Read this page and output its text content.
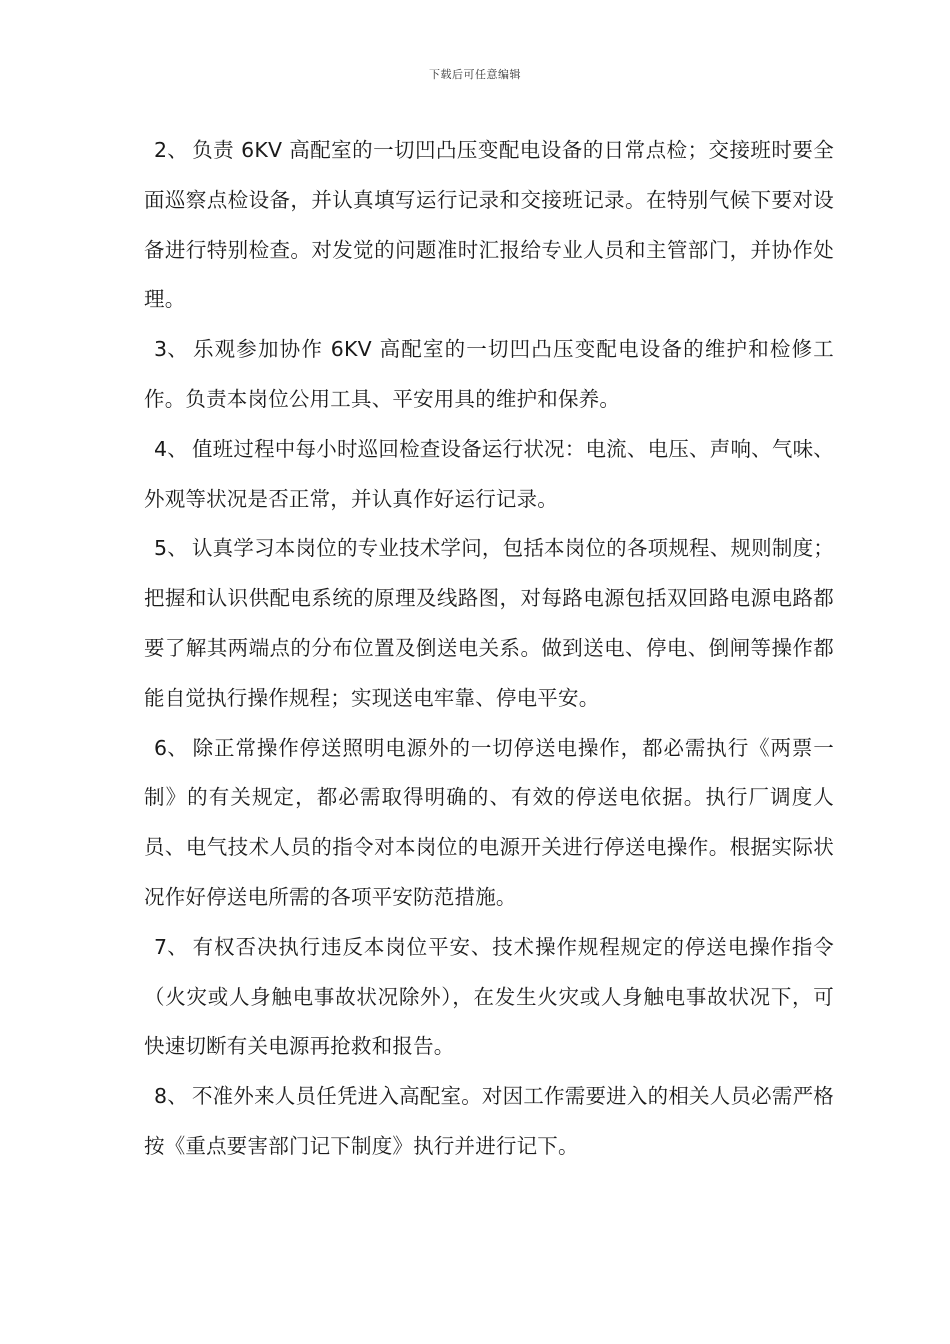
下载后可任意编辑

2、 负责 6KV 高配室的一切凹凸压变配电设备的日常点检；交接班时要全面巡察点检设备，并认真填写运行记录和交接班记录。在特别气候下要对设备进行特别检查。对发觉的问题准时汇报给专业人员和主管部门，并协作处理。

3、 乐观参加协作 6KV 高配室的一切凹凸压变配电设备的维护和检修工作。负责本岗位公用工具、平安用具的维护和保养。

4、 值班过程中每小时巡回检查设备运行状况：电流、电压、声响、气味、外观等状况是否正常，并认真作好运行记录。

5、 认真学习本岗位的专业技术学问，包括本岗位的各项规程、规则制度；把握和认识供配电系统的原理及线路图，对每路电源包括双回路电源电路都要了解其两端点的分布位置及倒送电关系。做到送电、停电、倒闸等操作都能自觉执行操作规程；实现送电牢靠、停电平安。

6、 除正常操作停送照明电源外的一切停送电操作，都必需执行《两票一制》的有关规定，都必需取得明确的、有效的停送电依据。执行厂调度人员、电气技术人员的指令对本岗位的电源开关进行停送电操作。根据实际状况作好停送电所需的各项平安防范措施。

7、 有权否决执行违反本岗位平安、技术操作规程规定的停送电操作指令（火灾或人身触电事故状况除外），在发生火灾或人身触电事故状况下，可快速切断有关电源再抢救和报告。

8、 不准外来人员任凭进入高配室。对因工作需要进入的相关人员必需严格按《重点要害部门记下制度》执行并进行记下。
